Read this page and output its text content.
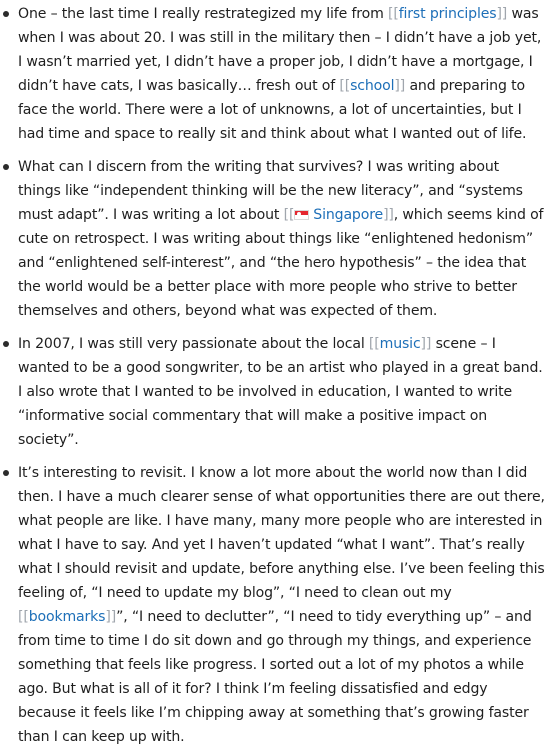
One – the last time I really restrategized my life from [[first principles]] was when I was about 20. I was still in the military then – I didn’t have a job yet, I wasn’t married yet, I didn’t have a proper job, I didn’t have a mortgage, I didn’t have cats, I was basically… fresh out of [[school]] and preparing to face the world. There were a lot of unknowns, a lot of uncertainties, but I had time and space to really sit and think about what I wanted out of life.
What can I discern from the writing that survives? I was writing about things like “independent thinking will be the new literacy”, and “systems must adapt”. I was writing a lot about [[ Singapore]], which seems kind of cute on retrospect. I was writing about things like “enlightened hedonism” and “enlightened self-interest”, and “the hero hypothesis” – the idea that the world would be a better place with more people who strive to better themselves and others, beyond what was expected of them.
In 2007, I was still very passionate about the local [[music]] scene – I wanted to be a good songwriter, to be an artist who played in a great band. I also wrote that I wanted to be involved in education, I wanted to write “informative social commentary that will make a positive impact on society”.
It’s interesting to revisit. I know a lot more about the world now than I did then. I have a much clearer sense of what opportunities there are out there, what people are like. I have many, many more people who are interested in what I have to say. And yet I haven’t updated “what I want”. That’s really what I should revisit and update, before anything else. I’ve been feeling this feeling of, “I need to update my blog”, “I need to clean out my [[bookmarks]]”, “I need to declutter”, “I need to tidy everything up” – and from time to time I do sit down and go through my things, and experience something that feels like progress. I sorted out a lot of my photos a while ago. But what is all of it for? I think I’m feeling dissatisfied and edgy because it feels like I’m chipping away at something that’s growing faster than I can keep up with.
